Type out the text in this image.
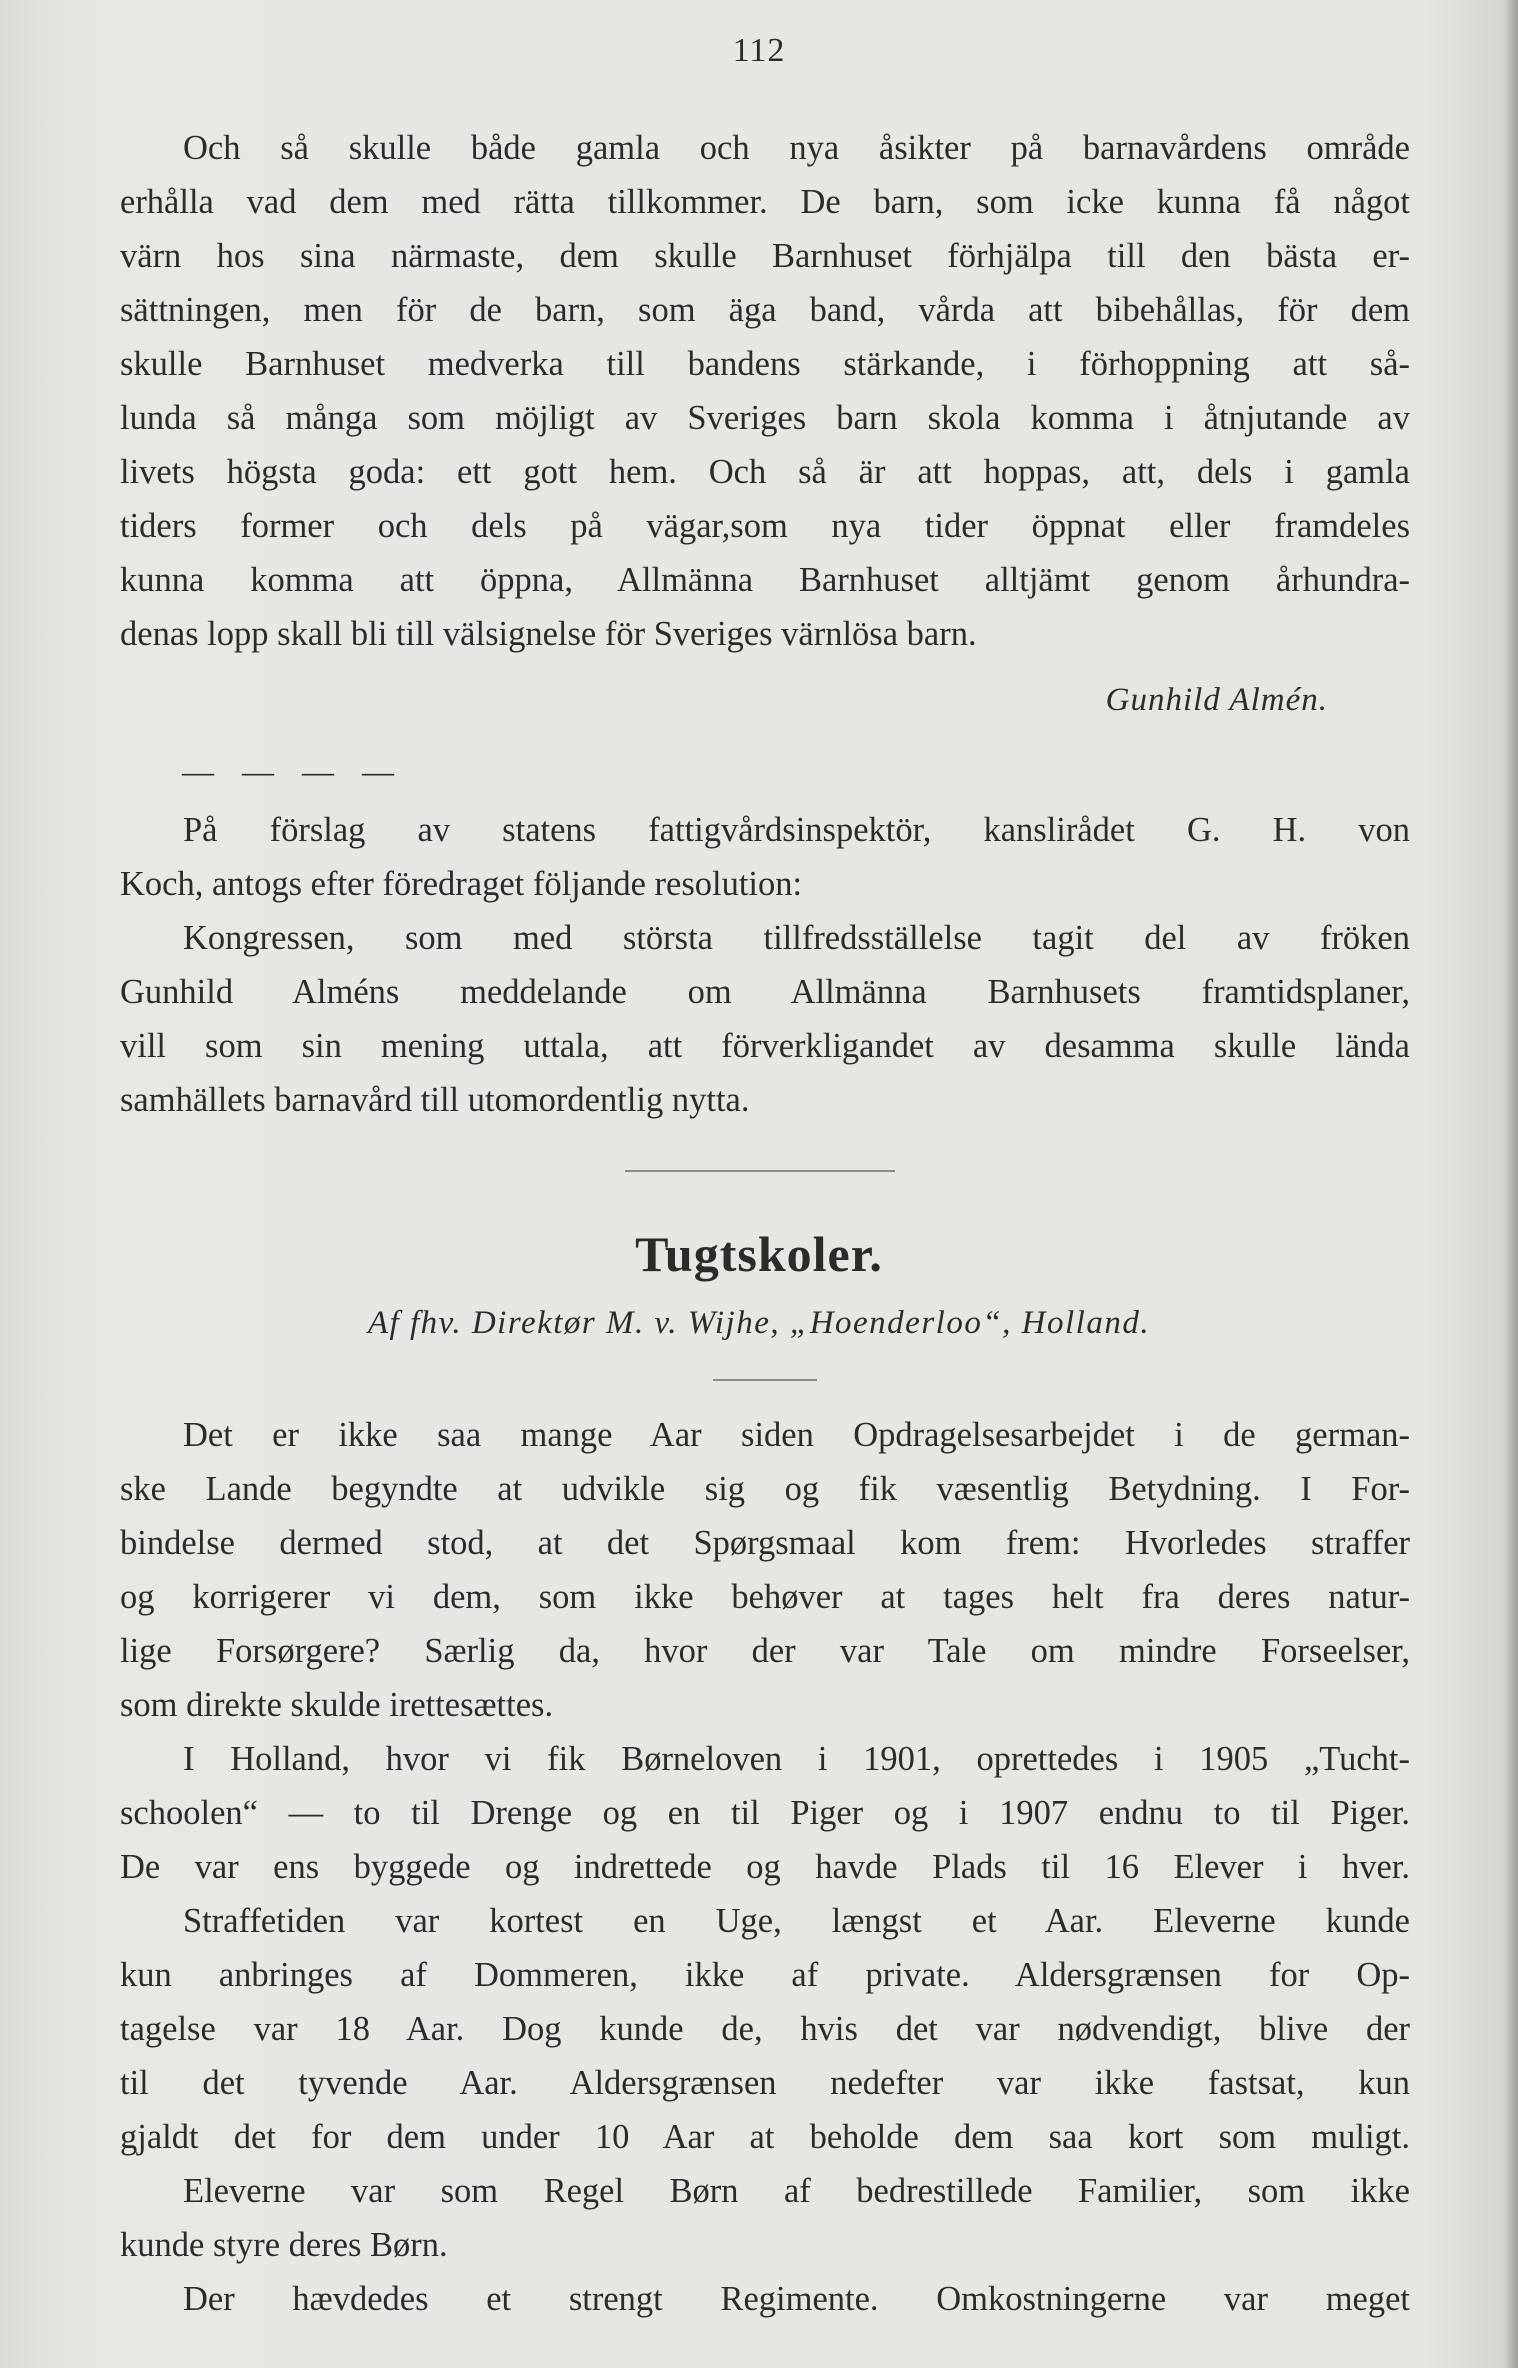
112
Och så skulle både gamla och nya åsikter på barnavårdens område
erhålla vad dem med rätta tillkommer. De barn, som icke kunna få något
värn hos sina närmaste, dem skulle Barnhuset förhjälpa till den bästa er-
sättningen, men för de barn, som äga band, vårda att bibehållas, för dem
skulle Barnhuset medverka till bandens stärkande, i förhoppning att så-
lunda så många som möjligt av Sveriges barn skola komma i åtnjutande av
livets högsta goda: ett gott hem. Och så är att hoppas, att, dels i gamla
tiders former och dels på vägar,som nya tider öppnat eller framdeles
kunna komma att öppna, Allmänna Barnhuset alltjämt genom århundra-
denas lopp skall bli till välsignelse för Sveriges värnlösa barn.
Gunhild Almén.
— — — —
På förslag av statens fattigvårdsinspektör, kanslirådet G. H. von
Koch, antogs efter föredraget följande resolution:
Kongressen, som med största tillfredsställelse tagit del av fröken
Gunhild Alméns meddelande om Allmänna Barnhusets framtidsplaner,
vill som sin mening uttala, att förverkligandet av desamma skulle lända
samhällets barnavård till utomordentlig nytta.
Tugtskoler.
Af fhv. Direktør M. v. Wijhe, „Hoenderloo“, Holland.
Det er ikke saa mange Aar siden Opdragelsesarbejdet i de german-
ske Lande begyndte at udvikle sig og fik væsentlig Betydning. I For-
bindelse dermed stod, at det Spørgsmaal kom frem: Hvorledes straffer
og korrigerer vi dem, som ikke behøver at tages helt fra deres natur-
lige Forsørgere? Særlig da, hvor der var Tale om mindre Forseelser,
som direkte skulde irettesættes.
I Holland, hvor vi fik Børneloven i 1901, oprettedes i 1905 „Tucht-
schoolen“ — to til Drenge og en til Piger og i 1907 endnu to til Piger.
De var ens byggede og indrettede og havde Plads til 16 Elever i hver.
Straffetiden var kortest en Uge, længst et Aar. Eleverne kunde
kun anbringes af Dommeren, ikke af private. Aldersgrænsen for Op-
tagelse var 18 Aar. Dog kunde de, hvis det var nødvendigt, blive der
til det tyvende Aar. Aldersgrænsen nedefter var ikke fastsat, kun
gjaldt det for dem under 10 Aar at beholde dem saa kort som muligt.
Eleverne var som Regel Børn af bedrestillede Familier, som ikke
kunde styre deres Børn.
Der hævdedes et strengt Regimente. Omkostningerne var meget
